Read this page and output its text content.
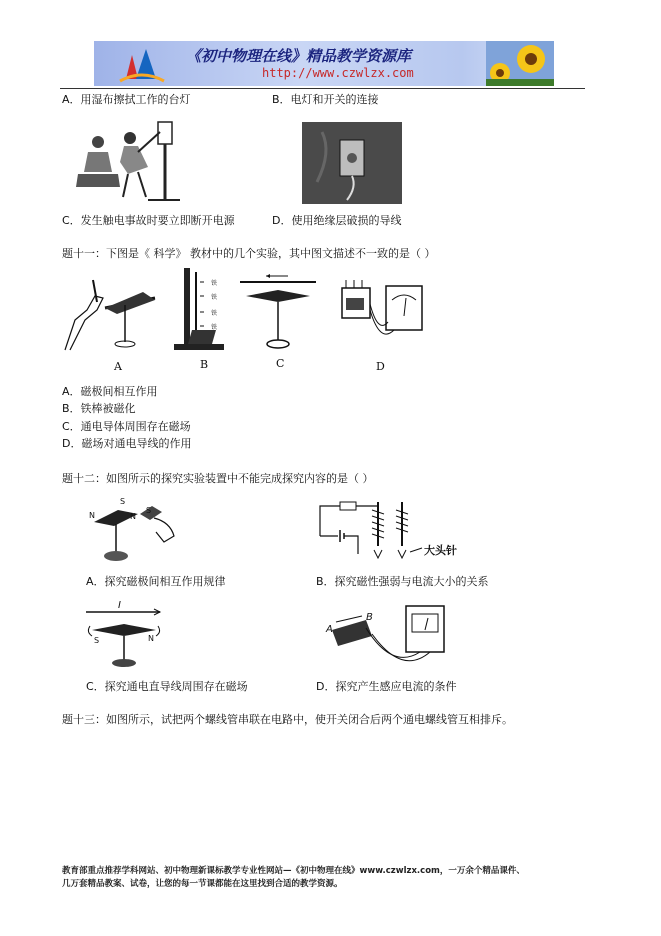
《初中物理在线》精品教学资源库
http://www.czwlzx.com
A．用湿布擦拭工作的台灯	B．电灯和开关的连接
C．发生触电事故时要立即断开电源	D．使用绝缘层破损的导线
题十一：下图是《 科学》 教材中的几个实验，其中图文描述不一致的是（ ）
A
铁
铁
铁
铁
B	C	D
A．磁极间相互作用
B．铁棒被磁化
C．通电导体周围存在磁场
D．磁场对通电导线的作用
题十二：如图所示的探究实验装置中不能完成探究内容的是（ ）
N
S
N
S
大头针
A．探究磁极间相互作用规律	B．探究磁性强弱与电流大小的关系
I
S	N
A
B
C．探究通电直导线周围存在磁场	D．探究产生感应电流的条件
题十三：如图所示，试把两个螺线管串联在电路中，使开关闭合后两个通电螺线管互相排斥。
教育部重点推荐学科网站、初中物理新课标教学专业性网站—《初中物理在线》www.czwlzx.com，一万余个精品课件、
几万套精品教案、试卷，让您的每一节课都能在这里找到合适的教学资源。
